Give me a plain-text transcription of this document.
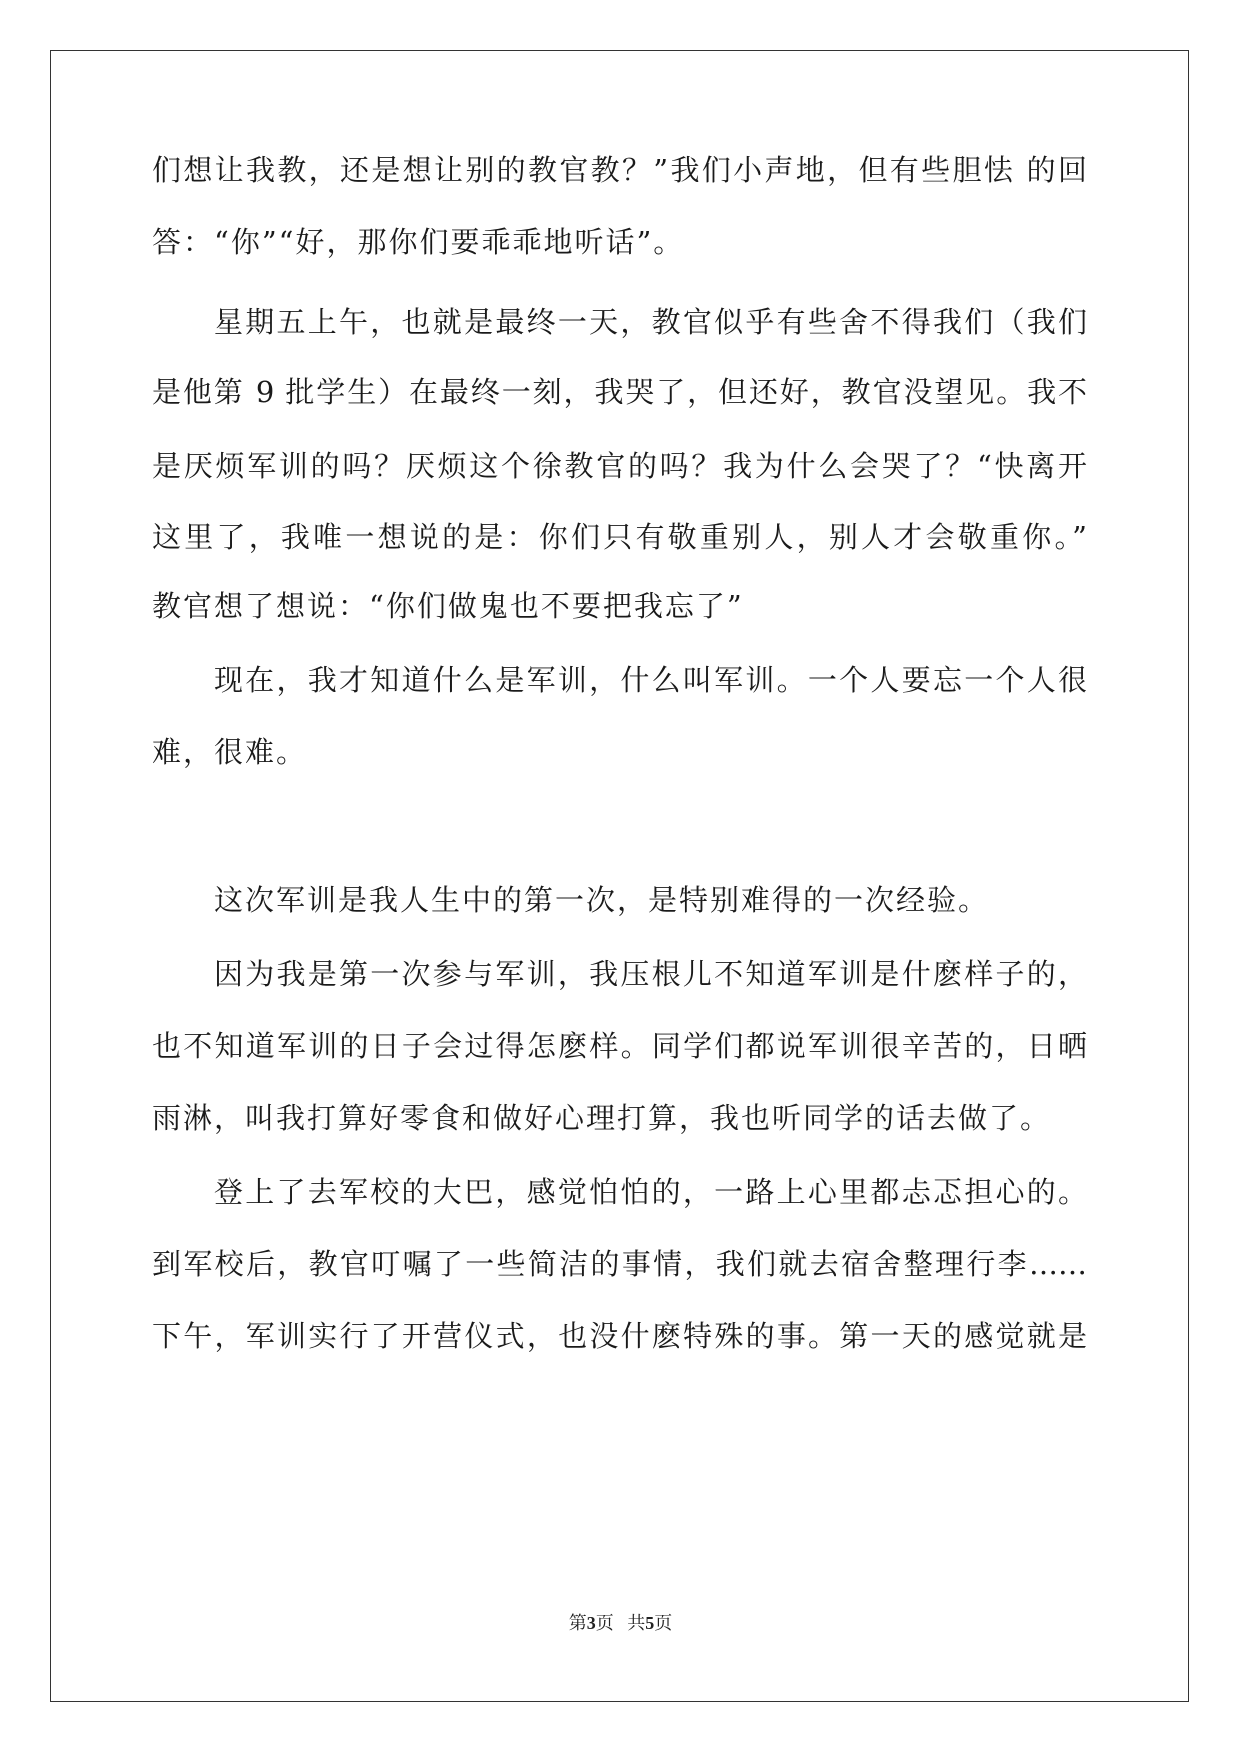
们想让我教，还是想让别的教官教？”我们小声地，但有些胆怯 的回
答：“你”“好，那你们要乖乖地听话”。
星期五上午，也就是最终一天，教官似乎有些舍不得我们（我们
是他第 9 批学生）在最终一刻，我哭了，但还好，教官没望见。我不
是厌烦军训的吗？厌烦这个徐教官的吗？我为什么会哭了？“快离开
这里了，我唯一想说的是：你们只有敬重别人，别人才会敬重你。”
教官想了想说：“你们做鬼也不要把我忘了”
现在，我才知道什么是军训，什么叫军训。一个人要忘一个人很
难，很难。
这次军训是我人生中的第一次，是特别难得的一次经验。
因为我是第一次参与军训，我压根儿不知道军训是什麽样子的，
也不知道军训的日子会过得怎麽样。同学们都说军训很辛苦的，日晒
雨淋，叫我打算好零食和做好心理打算，我也听同学的话去做了。
登上了去军校的大巴，感觉怕怕的，一路上心里都忐忑担心的。
到军校后，教官叮嘱了一些简洁的事情，我们就去宿舍整理行李……
下午，军训实行了开营仪式，也没什麽特殊的事。第一天的感觉就是
第3页 共5页
